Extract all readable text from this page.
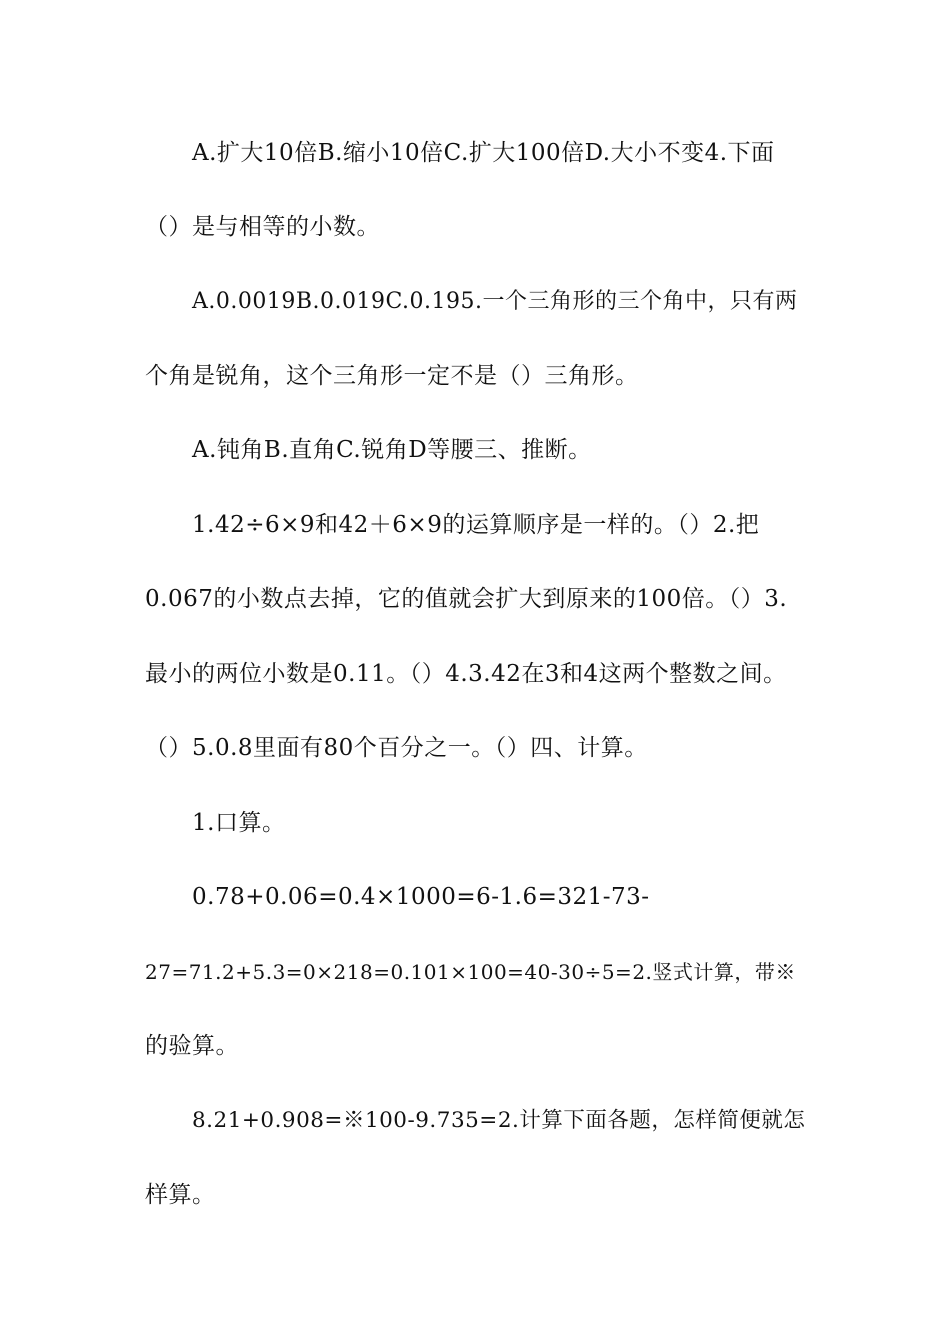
A.扩大10倍B.缩小10倍C.扩大100倍D.大小不变4.下面
（）是与相等的小数。
A.0.0019B.0.019C.0.195.一个三角形的三个角中，只有两
个角是锐角，这个三角形一定不是（）三角形。
A.钝角B.直角C.锐角D等腰三、推断。
1.42÷6×9和42＋6×9的运算顺序是一样的。（）2.把
0.067的小数点去掉，它的值就会扩大到原来的100倍。（）3.
最小的两位小数是0.11。（）4.3.42在3和4这两个整数之间。
（）5.0.8里面有80个百分之一。（）四、计算。
1.口算。
0.78+0.06=0.4×1000=6-1.6=321-73-
27=71.2+5.3=0×218=0.101×100=40-30÷5=2.竖式计算，带※
的验算。
8.21+0.908=※100-9.735=2.计算下面各题，怎样简便就怎
样算。
